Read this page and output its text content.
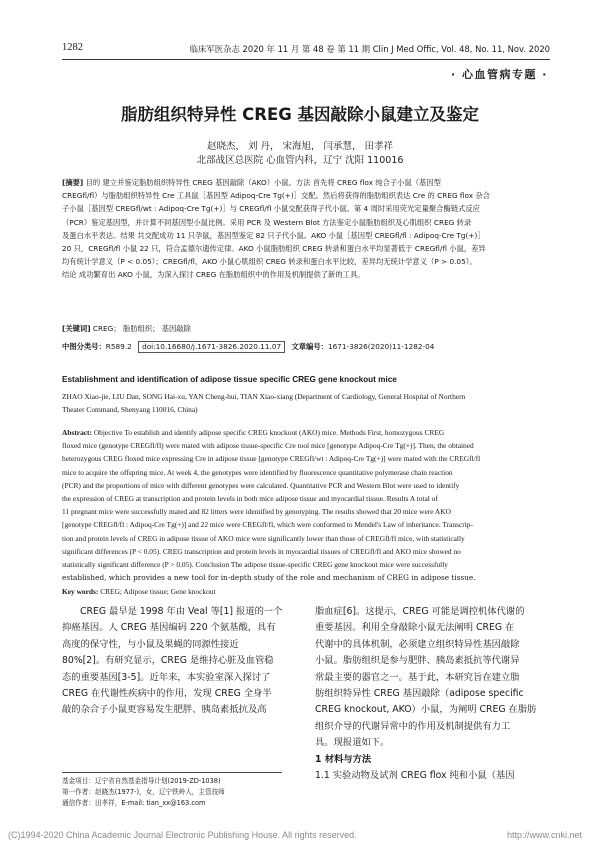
1282	临床军医杂志 2020 年 11 月 第 48 卷 第 11 期 Clin J Med Offic, Vol. 48, No. 11, Nov. 2020
· 心血管病专题 ·
脂肪组织特异性 CREG 基因敲除小鼠建立及鉴定
赵晓杰， 刘 丹， 宋海旭， 闫承慧， 田孝祥
北部战区总医院 心血管内科，辽宁 沈阳 110016
[摘要] 目的 建立并鉴定脂肪组织特异性 CREG 基因敲除（AKO）小鼠。方法 首先将 CREG flox 纯合子小鼠（基因型
CREGfl/fl）与脂肪组织特异性 Cre 工具鼠［基因型 Adipoq-Cre Tg(+)］交配。然后将获得的脂肪组织表达 Cre 的 CREG flox 杂合
子小鼠［基因型 CREGfl/wt : Adipoq-Cre Tg(+)］与 CREGfl/fl 小鼠交配获得子代小鼠。第 4 周时采用荧光定量聚合酶链式反应
（PCR）鉴定基因型，并计算不同基因型小鼠比例。采用 PCR 及 Western Blot 方法鉴定小鼠脂肪组织及心肌组织 CREG 转录
及蛋白水平表达。结果 共交配成功 11 只孕鼠，基因型鉴定 82 只子代小鼠。AKO 小鼠［基因型 CREGfl/fl : Adipoq-Cre Tg(+)］
20 只，CREGfl/fl 小鼠 22 只，符合孟德尔遗传定律。AKO 小鼠脂肪组织 CREG 转录和蛋白水平均显著低于 CREGfl/fl 小鼠，差异
均有统计学意义（P < 0.05）；CREGfl/fl、AKO 小鼠心肌组织 CREG 转录和蛋白水平比较，差异均无统计学意义（P > 0.05）。
结论 成功繁育出 AKO 小鼠，为深入探讨 CREG 在脂肪组织中的作用及机制提供了新的工具。
[关键词] CREG； 脂肪组织； 基因敲除
中图分类号：R589.2 doi:10.16680/j.1671-3826.2020.11.07 文章编号：1671-3826(2020)11-1282-04
Establishment and identification of adipose tissue specific CREG gene knockout mice
ZHAO Xiao-jie, LIU Dan, SONG Hai-xu, YAN Cheng-hui, TIAN Xiao-xiang (Department of Cardiology, General Hospital of Northern
Theater Command, Shenyang 110016, China)
Abstract: Objective To establish and identify adipose specific CREG knockout (AKO) mice. Methods First, homozygous CREG
floxed mice (genotype CREGfl/fl) were mated with adipose tissue-specific Cre tool mice [genotype Adipoq-Cre Tg(+)]. Then, the obtained
heterozygous CREG floxed mice expressing Cre in adipose tissue [genotype CREGfl/wt : Adipoq-Cre Tg(+)] were mated with the CREGfl/fl
mice to acquire the offspring mice. At week 4, the genotypes were identified by fluorescence quantitative polymerase chain reaction
(PCR) and the proportions of mice with different genotypes were calculated. Quantitative PCR and Western Blot were used to identify
the expression of CREG at transcription and protein levels in both mice adipose tissue and myocardial tissue. Results A total of
11 pregnant mice were successfully mated and 82 litters were identified by genotyping. The results showed that 20 mice were AKO
[genotype CREGfl/fl : Adipoq-Cre Tg(+)] and 22 mice were CREGfl/fl, which were conformed to Mendel's Law of inheritance. Transcrip-
tion and protein levels of CREG in adipose tissue of AKO mice were significantly lower than those of CREGfl/fl mice, with statistically
significant differences (P < 0.05). CREG transcription and protein levels in myocardial tissues of CREGfl/fl and AKO mice showed no
statistically significant difference (P > 0.05). Conclusion The adipose tissue-specific CREG gene knockout mice were successfully
established, which provides a new tool for in-depth study of the role and mechanism of CREG in adipose tissue.
Key words: CREG; Adipose tissue; Gene knockout
CREG 最早是 1998 年由 Veal 等[1] 报道的一个
抑癌基因。人 CREG 基因编码 220 个氨基酸，具有
高度的保守性，与小鼠及果蝇的同源性接近
80%[2]。有研究显示，CREG 是维持心脏及血管稳
态的重要基因[3-5]。近年来，本实验室深入探讨了
CREG 在代谢性疾病中的作用，发现 CREG 全身半
敲的杂合子小鼠更容易发生肥胖、胰岛素抵抗及高
脂血症[6]。这提示，CREG 可能是调控机体代谢的
重要基因。利用全身敲除小鼠无法阐明 CREG 在
代谢中的具体机制，必须建立组织特异性基因敲除
小鼠。脂肪组织是参与肥胖、胰岛素抵抗等代谢异
常最主要的器官之一。基于此，本研究旨在建立脂
肪组织特异性 CREG 基因敲除（adipose specific
CREG knockout, AKO）小鼠，为阐明 CREG 在脂肪
组织介导的代谢异常中的作用及机制提供有力工
具。现报道如下。
1 材料与方法
1.1 实验动物及试剂 CREG flox 纯和小鼠（基因
基金项目：辽宁省自然基金指导计划(2019-ZD-1038)
第一作者：赵晓杰(1977-)，女，辽宁铁岭人，主管技师
通信作者：田孝祥，E-mail: tian_xx@163.com
(C)1994-2020 China Academic Journal Electronic Publishing House. All rights reserved.	http://www.cnki.net
